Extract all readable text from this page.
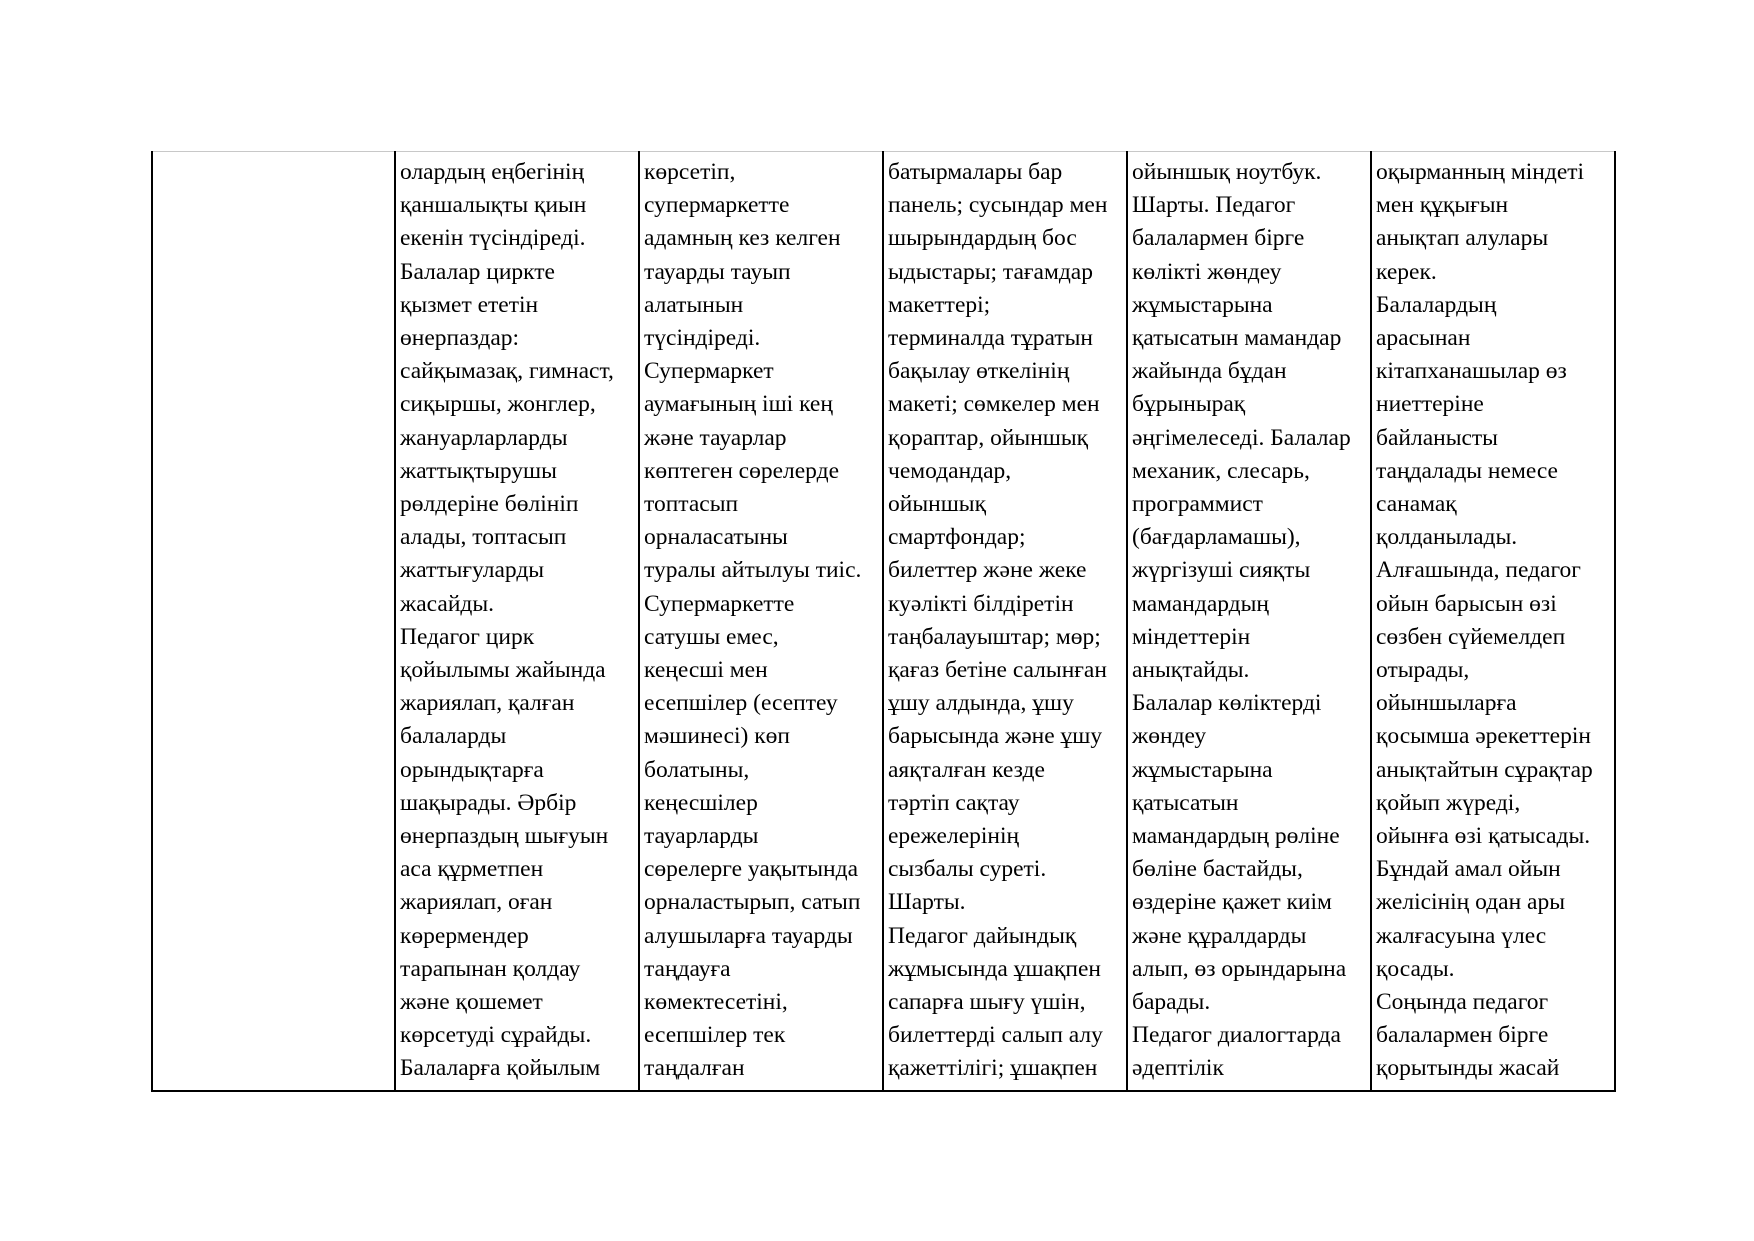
олардың еңбегінің
қаншалықты қиын
екенін түсіндіреді.
Балалар циркте
қызмет ететін
өнерпаздар:
сайқымазақ, гимнаст,
сиқыршы, жонглер,
жануарларларды
жаттықтырушы
рөлдеріне бөлініп
алады, топтасып
жаттығуларды
жасайды.
Педагог цирк
қойылымы жайында
жариялап, қалған
балаларды
орындықтарға
шақырады. Әрбір
өнерпаздың шығуын
аса құрметпен
жариялап, оған
көрермендер
тарапынан қолдау
және қошемет
көрсетуді сұрайды.
Балаларға қойылым

көрсетіп,
супермаркетте
адамның кез келген
тауарды тауып
алатынын
түсіндіреді.
Супермаркет
аумағының іші кең
және тауарлар
көптеген сөрелерде
топтасып
орналасатыны
туралы айтылуы тиіс.
Супермаркетте
сатушы емес,
кеңесші мен
есепшілер (есептеу
мәшинесі) көп
болатыны,
кеңесшілер
тауарларды
сөрелерге уақытында
орналастырып, сатып
алушыларға тауарды
таңдауға
көмектесетіні,
есепшілер тек
таңдалған

батырмалары бар
панель; сусындар мен
шырындардың бос
ыдыстары; тағамдар
макеттері;
терминалда тұратын
бақылау өткелінің
макеті; сөмкелер мен
қораптар, ойыншық
чемодандар,
ойыншық
смартфондар;
билеттер және жеке
куәлікті білдіретін
таңбалауыштар; мөр;
қағаз бетіне салынған
ұшу алдында, ұшу
барысында және ұшу
аяқталған кезде
тәртіп сақтау
ережелерінің
сызбалы суреті.
Шарты.
Педагог дайындық
жұмысында ұшақпен
сапарға шығу үшін,
билеттерді салып алу
қажеттілігі; ұшақпен

ойыншық ноутбук.
Шарты. Педагог
балалармен бірге
көлікті жөндеу
жұмыстарына
қатысатын мамандар
жайында бұдан
бұрынырақ
әңгімелеседі. Балалар
механик, слесарь,
программист
(бағдарламашы),
жүргізуші сияқты
мамандардың
міндеттерін
анықтайды.
Балалар көліктерді
жөндеу
жұмыстарына
қатысатын
мамандардың рөліне
бөліне бастайды,
өздеріне қажет киім
және құралдарды
алып, өз орындарына
барады.
Педагог диалогтарда
әдептілік

оқырманның міндеті
мен құқығын
анықтап алулары
керек.
Балалардың
арасынан
кітапханашылар өз
ниеттеріне
байланысты
таңдалады немесе
санамақ
қолданылады.
Алғашында, педагог
ойын барысын өзі
сөзбен сүйемелдеп
отырады,
ойыншыларға
қосымша әрекеттерін
анықтайтын сұрақтар
қойып жүреді,
ойынға өзі қатысады.
Бұндай амал ойын
желісінің одан ары
жалғасуына үлес
қосады.
Соңында педагог
балалармен бірге
қорытынды жасай
